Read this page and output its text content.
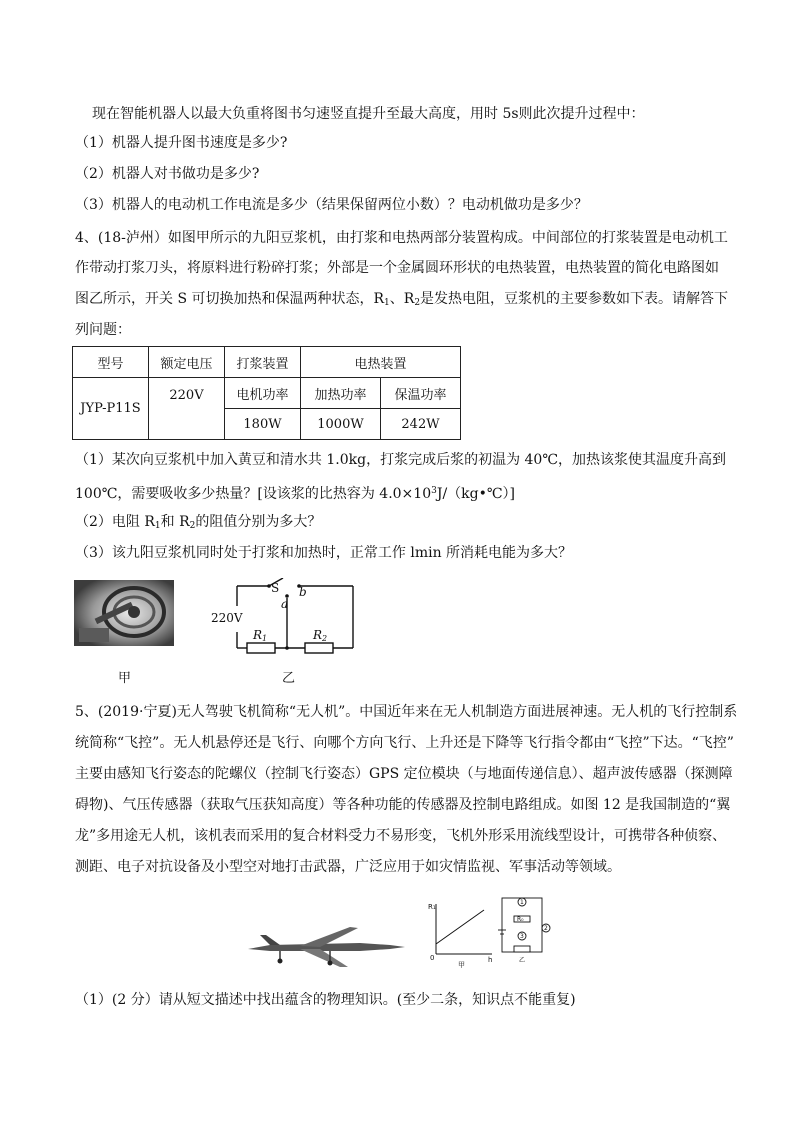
现在智能机器人以最大负重将图书匀速竖直提升至最大高度，用时 5s则此次提升过程中：
（1）机器人提升图书速度是多少?
（2）机器人对书做功是多少?
（3）机器人的电动机工作电流是多少（结果保留两位小数）？电动机做功是多少？
4、(18-泸州）如图甲所示的九阳豆浆机，由打浆和电热两部分装置构成。中间部位的打浆装置是电动机工
作带动打浆刀头，将原料进行粉碎打浆；外部是一个金属圆环形状的电热装置，电热装置的简化电路图如
图乙所示，开关 S 可切换加热和保温两种状态，$R_1$、$R_2$是发热电阻，豆浆机的主要参数如下表。请解答下
列问题：
型号	额定电压	打浆装置	电热装置	
JYP-P11S	220V	电机功率	加热功率	保温功率
		180W	1000W	242W
（1）某次向豆浆机中加入黄豆和清水共 1.0kg，打浆完成后浆的初温为 40℃，加热该浆使其温度升高到
100℃，需要吸收多少热量？[设该浆的比热容为 $4.0\times 10^3J/(kg•℃)$]
（2）电阻 $R_1$和 $R_2$的阻值分别为多大？
（3）该九阳豆浆机同时处于打浆和加热时，正常工作 lmin 所消耗电能为多大？
甲
220V
S b
a
R1	R2
乙
5、(2019·宁夏)无人驾驶飞机简称“无人机”。中国近年来在无人机制造方面进展神速。无人机的飞行控制系
统简称“飞控”。无人机悬停还是飞行、向哪个方向飞行、上升还是下降等飞行指令都由“飞控”下达。“飞控”
主要由感知飞行姿态的陀螺仪（控制飞行姿态）GPS 定位模块（与地面传递信息）、超声波传感器（探测障
碍物)、气压传感器（获取气压获知高度）等各种功能的传感器及控制电路组成。如图 12 是我国制造的“翼
龙”多用途无人机，该机表而采用的复合材料受力不易形变，飞机外形采用流线型设计，可携带各种侦察、
测距、电子对抗设备及小型空对地打击武器，广泛应用于如灾情监视、军事活动等领域。
R₁
0	h
甲
1
R₀
3
2
乙
（1）(2 分）请从短文描述中找出蕴含的物理知识。(至少二条，知识点不能重复)
